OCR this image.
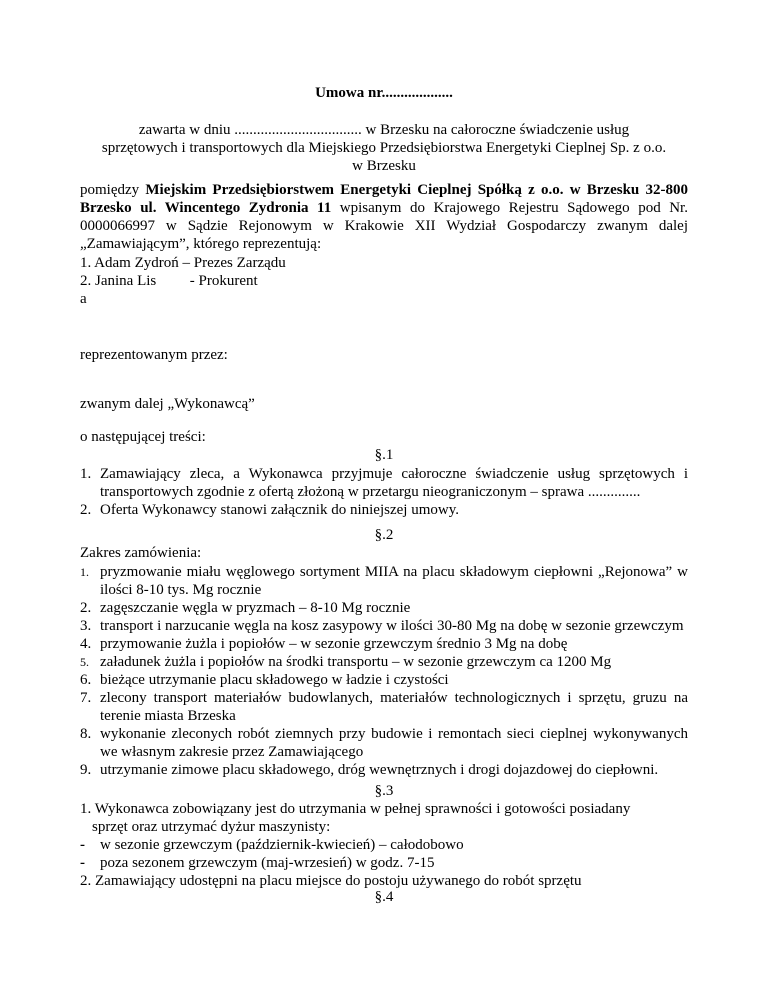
Umowa nr...................
zawarta w dniu .................................. w Brzesku na całoroczne świadczenie usług
sprzętowych i transportowych dla Miejskiego Przedsiębiorstwa Energetyki Cieplnej Sp. z o.o.
w Brzesku
pomiędzy Miejskim Przedsiębiorstwem Energetyki Cieplnej Spółką z o.o. w Brzesku 32-800 Brzesko ul. Wincentego Zydronia 11 wpisanym do Krajowego Rejestru Sądowego pod Nr. 0000066997 w Sądzie Rejonowym w Krakowie XII Wydział Gospodarczy zwanym dalej „Zamawiającym”, którego reprezentują:
1. Adam Zydroń – Prezes Zarządu
2. Janina Lis - Prokurent
a
reprezentowanym przez:
zwanym dalej „Wykonawcą”
o następującej treści:
§.1
1. Zamawiający zleca, a Wykonawca przyjmuje całoroczne świadczenie usług sprzętowych i transportowych zgodnie z ofertą złożoną w przetargu nieograniczonym – sprawa ..............
2. Oferta Wykonawcy stanowi załącznik do niniejszej umowy.
§.2
Zakres zamówienia:
1. pryzmowanie miału węglowego sortyment MIIA na placu składowym ciepłowni „Rejonowa” w ilości 8-10 tys. Mg rocznie
2. zagęszczanie węgla w pryzmach – 8-10 Mg rocznie
3. transport i narzucanie węgla na kosz zasypowy w ilości 30-80 Mg na dobę w sezonie grzewczym
4. przymowanie żużla i popiołów – w sezonie grzewczym średnio 3 Mg na dobę
5. załadunek żużla i popiołów na środki transportu – w sezonie grzewczym ca 1200 Mg
6. bieżące utrzymanie placu składowego w ładzie i czystości
7. zlecony transport materiałów budowlanych, materiałów technologicznych i sprzętu, gruzu na terenie miasta Brzeska
8. wykonanie zleconych robót ziemnych przy budowie i remontach sieci cieplnej wykonywanych we własnym zakresie przez Zamawiającego
9. utrzymanie zimowe placu składowego, dróg wewnętrznych i drogi dojazdowej do ciepłowni.
§.3
1. Wykonawca zobowiązany jest do utrzymania w pełnej sprawności i gotowości posiadany
sprzęt oraz utrzymać dyżur maszynisty:
- w sezonie grzewczym (październik-kwiecień) – całodobowo
- poza sezonem grzewczym (maj-wrzesień) w godz. 7-15
2. Zamawiający udostępni na placu miejsce do postoju używanego do robót sprzętu
§.4
